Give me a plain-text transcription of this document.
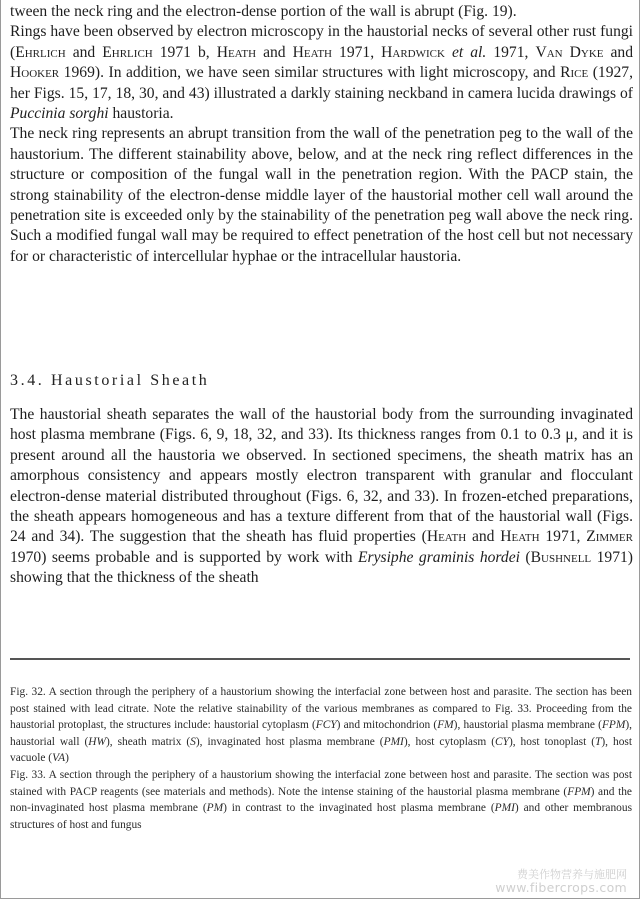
tween the neck ring and the electron-dense portion of the wall is abrupt (Fig. 19).

Rings have been observed by electron microscopy in the haustorial necks of several other rust fungi (Ehrlich and Ehrlich 1971 b, Heath and Heath 1971, Hardwick et al. 1971, Van Dyke and Hooker 1969). In addition, we have seen similar structures with light microscopy, and Rice (1927, her Figs. 15, 17, 18, 30, and 43) illustrated a darkly staining neckband in camera lucida drawings of Puccinia sorghi haustoria.

The neck ring represents an abrupt transition from the wall of the penetration peg to the wall of the haustorium. The different stainability above, below, and at the neck ring reflect differences in the structure or composition of the fungal wall in the penetration region. With the PACP stain, the strong stainability of the electron-dense middle layer of the haustorial mother cell wall around the penetration site is exceeded only by the stainability of the penetration peg wall above the neck ring. Such a modified fungal wall may be required to effect penetration of the host cell but not necessary for or characteristic of intercellular hyphae or the intracellular haustoria.

3.4. Haustorial Sheath

The haustorial sheath separates the wall of the haustorial body from the surrounding invaginated host plasma membrane (Figs. 6, 9, 18, 32, and 33). Its thickness ranges from 0.1 to 0.3 μ, and it is present around all the haustoria we observed. In sectioned specimens, the sheath matrix has an amorphous consistency and appears mostly electron transparent with granular and flocculant electron-dense material distributed throughout (Figs. 6, 32, and 33). In frozen-etched preparations, the sheath appears homogeneous and has a texture different from that of the haustorial wall (Figs. 24 and 34). The suggestion that the sheath has fluid properties (Heath and Heath 1971, Zimmer 1970) seems probable and is supported by work with Erysiphe graminis hordei (Bushnell 1971) showing that the thickness of the sheath

Fig. 32. A section through the periphery of a haustorium showing the interfacial zone between host and parasite. The section has been post stained with lead citrate. Note the relative stainability of the various membranes as compared to Fig. 33. Proceeding from the haustorial protoplast, the structures include: haustorial cytoplasm (FCY) and mitochondrion (FM), haustorial plasma membrane (FPM), haustorial wall (HW), sheath matrix (S), invaginated host plasma membrane (PMI), host cytoplasm (CY), host tonoplast (T), host vacuole (VA)

Fig. 33. A section through the periphery of a haustorium showing the interfacial zone between host and parasite. The section was post stained with PACP reagents (see materials and methods). Note the intense staining of the haustorial plasma membrane (FPM) and the non-invaginated host plasma membrane (PM) in contrast to the invaginated host plasma membrane (PMI) and other membranous structures of host and fungus

费美作物营养与施肥网
www.fibercrops.com
